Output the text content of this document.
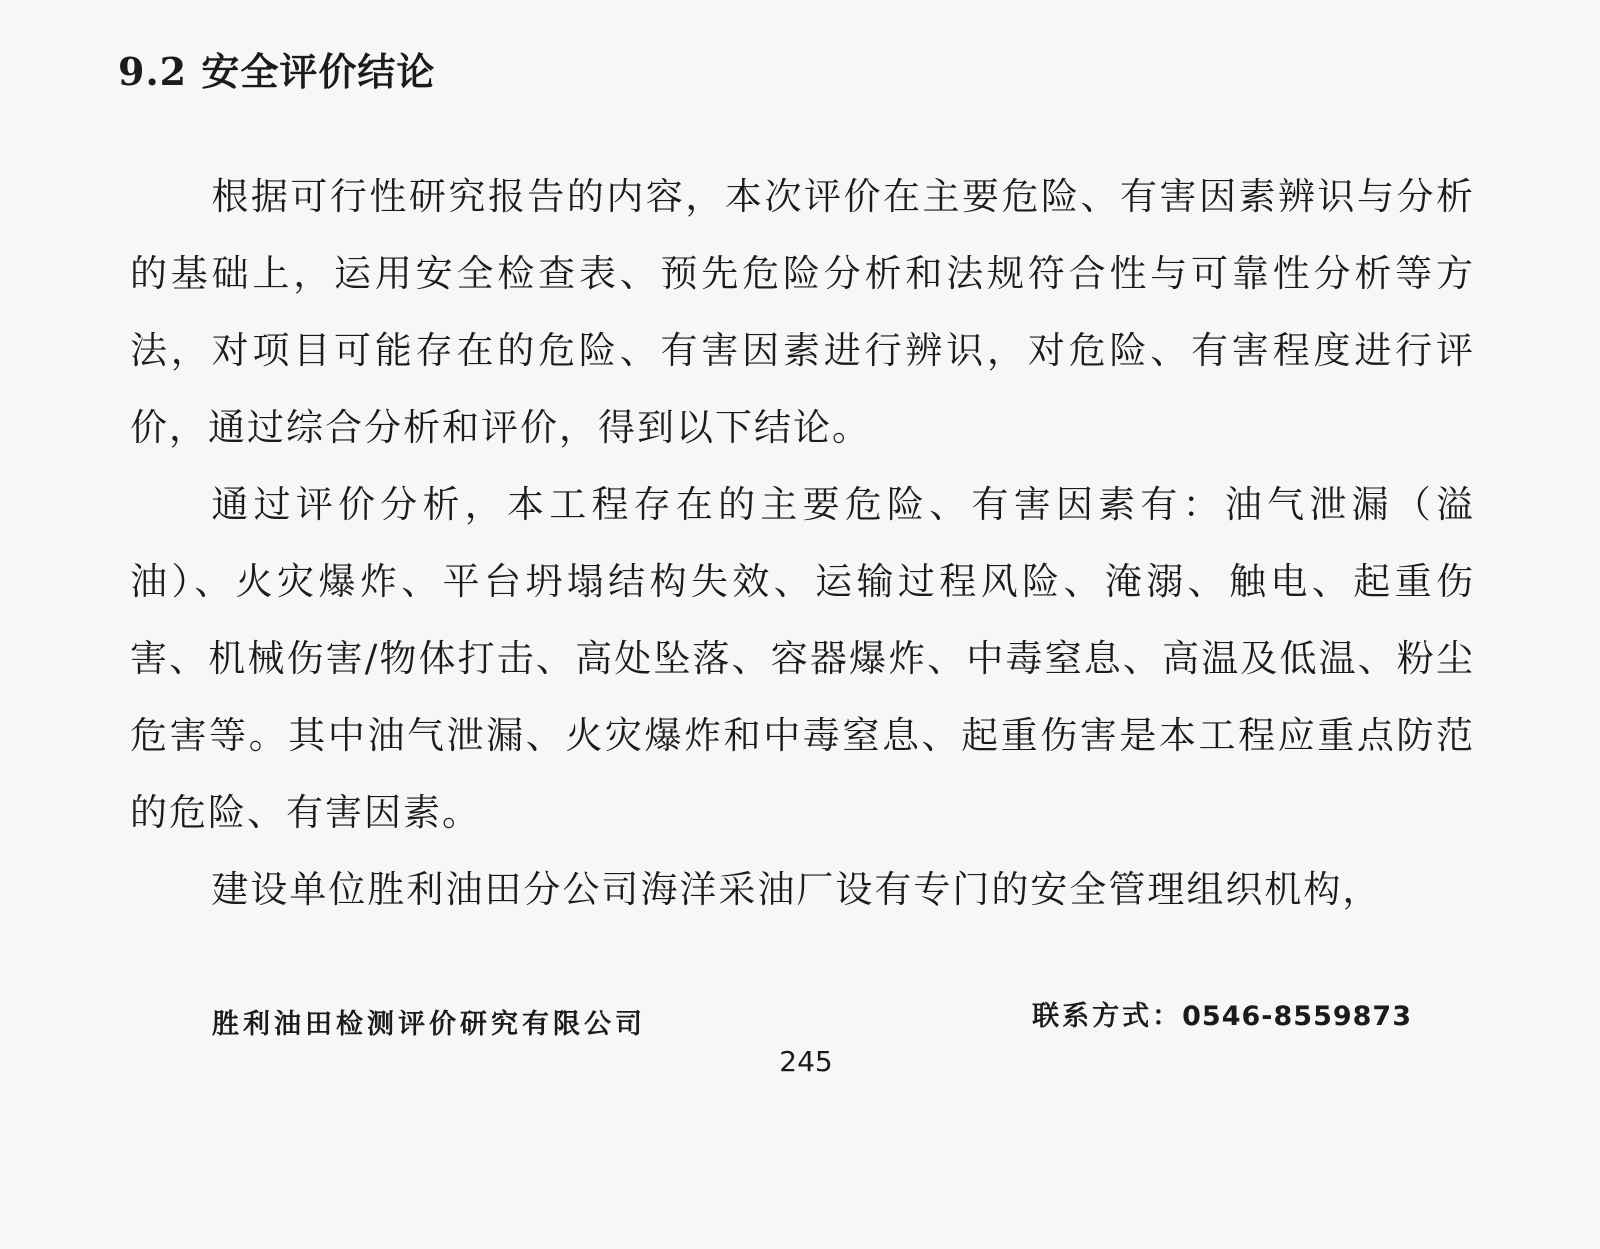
9.2 安全评价结论

根据可行性研究报告的内容，本次评价在主要危险、有害因素辨识与分析的基础上，运用安全检查表、预先危险分析和法规符合性与可靠性分析等方法，对项目可能存在的危险、有害因素进行辨识，对危险、有害程度进行评价，通过综合分析和评价，得到以下结论。

通过评价分析，本工程存在的主要危险、有害因素有：油气泄漏（溢油）、火灾爆炸、平台坍塌结构失效、运输过程风险、淹溺、触电、起重伤害、机械伤害/物体打击、高处坠落、容器爆炸、中毒窒息、高温及低温、粉尘危害等。其中油气泄漏、火灾爆炸和中毒窒息、起重伤害是本工程应重点防范的危险、有害因素。

建设单位胜利油田分公司海洋采油厂设有专门的安全管理组织机构，

胜利油田检测评价研究有限公司	联系方式：0546-8559873
245
